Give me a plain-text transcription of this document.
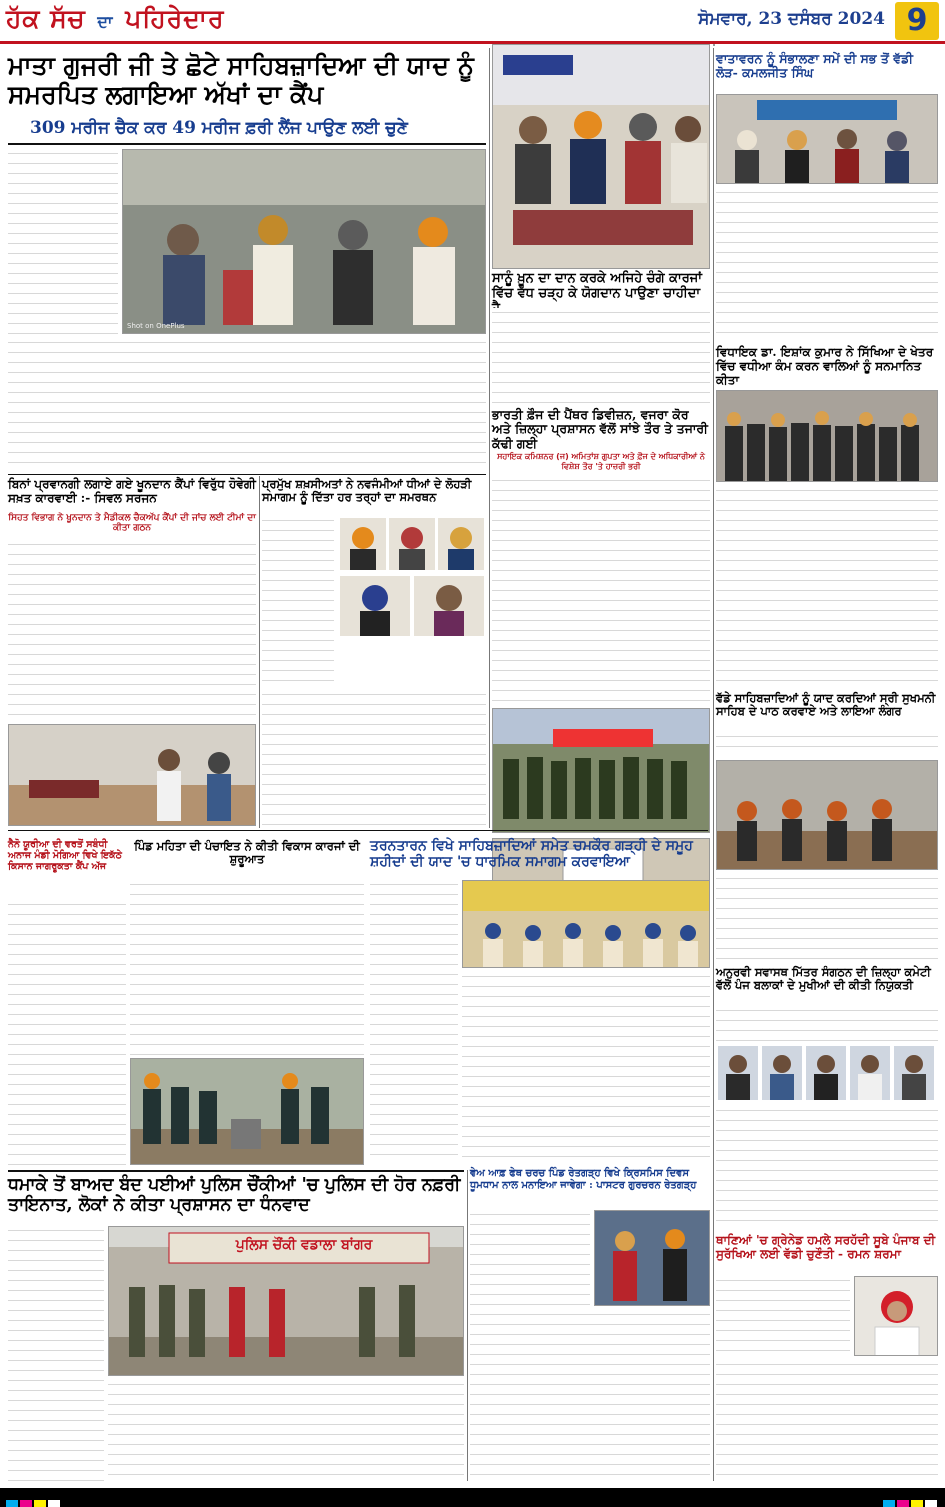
ਹੱਕ ਸੱਚ ਦਾ ਪਹਿਰੇਦਾਰ	ਸੋਮਵਾਰ, 23 ਦਸੰਬਰ 2024 9
ਮਾਤਾ ਗੁਜਰੀ ਜੀ ਤੇ ਛੋਟੇ ਸਾਹਿਬਜ਼ਾਦਿਆ ਦੀ ਯਾਦ ਨੂੰ ਸਮਰਪਿਤ ਲਗਾਇਆ ਅੱਖਾਂ ਦਾ ਕੈਂਪ
309 ਮਰੀਜ ਚੈਕ ਕਰ 49 ਮਰੀਜ ਫ਼ਰੀ ਲੈਂਜ ਪਾਉਣ ਲਈ ਚੁਣੇ
Shot on OnePlus
ਸਾਨੂੰ ਖ਼ੂਨ ਦਾ ਦਾਨ ਕਰਕੇ ਅਜਿਹੇ ਚੰਗੇ ਕਾਰਜਾਂ ਵਿੱਚ ਵੱਧ ਚੜ੍ਹ ਕੇ ਯੋਗਦਾਨ ਪਾਉਣਾ ਚਾਹੀਦਾ
ਵਾਤਾਵਰਨ ਨੂੰ ਸੰਭਾਲਣਾ ਸਮੇਂ ਦੀ ਸਭ ਤੋਂ ਵੱਡੀ ਲੋੜ- ਕਮਲਜੀਤ ਸਿੰਘ
ਭਾਰਤੀ ਫ਼ੌਜ ਦੀ ਪੈਂਥਰ ਡਿਵੀਜ਼ਨ, ਵਜਰਾ ਕੋਰ ਅਤੇ ਜ਼ਿਲ੍ਹਾ ਪ੍ਰਸ਼ਾਸਨ ਵੱਲੋਂ ਸਾਂਝੇ ਤੌਰ ਤੇ ਤਜਾਰੀ ਕੱਢੀ ਗਈ
ਸਹਾਇਕ ਕਮਿਸ਼ਨਰ (ਜ) ਅਮਿਤਾਂਸ਼ ਗੁਪਤਾ ਅਤੇ ਫ਼ੌਜ ਦੇ ਅਧਿਕਾਰੀਆਂ ਨੇ ਵਿਸ਼ੇਸ਼ ਤੌਰ 'ਤੇ ਹਾਜ਼ਰੀ ਭਰੀ
ਵਿਧਾਇਕ ਡਾ. ਇਸ਼ਾਂਕ ਕੁਮਾਰ ਨੇ ਸਿੱਖਿਆ ਦੇ ਖੇਤਰ ਵਿੱਚ ਵਧੀਆ ਕੰਮ ਕਰਨ ਵਾਲਿਆਂ ਨੂੰ ਸਨਮਾਨਿਤ ਕੀਤਾ
ਬਿਨਾਂ ਪ੍ਰਵਾਨਗੀ ਲਗਾਏ ਗਏ ਖੂਨਦਾਨ ਕੈਂਪਾਂ ਵਿਰੁੱਧ ਹੋਵੇਗੀ ਸਖ਼ਤ ਕਾਰਵਾਈ :- ਸਿਵਲ ਸਰਜਨ
ਸਿਹਤ ਵਿਭਾਗ ਨੇ ਖੂਨਦਾਨ ਤੇ ਮੈਡੀਕਲ ਚੈਕਅੱਪ ਕੈਂਪਾਂ ਦੀ ਜਾਂਚ ਲਈ ਟੀਮਾਂ ਦਾ ਕੀਤਾ ਗਠਨ
ਪ੍ਰਮੁੱਖ ਸ਼ਖ਼ਸੀਅਤਾਂ ਨੇ ਨਵਜੰਮੀਆਂ ਧੀਆਂ ਦੇ ਲੋਹੜੀ ਸਮਾਗਮ ਨੂੰ ਦਿੱਤਾ ਹਰ ਤਰ੍ਹਾਂ ਦਾ ਸਮਰਥਨ
ਵੱਡੇ ਸਾਹਿਬਜ਼ਾਦਿਆਂ ਨੂੰ ਯਾਦ ਕਰਦਿਆਂ ਸ੍ਰੀ ਸੁਖਮਨੀ ਸਾਹਿਬ ਦੇ ਪਾਠ ਕਰਵਾਏ ਅਤੇ ਲਾਇਆ ਲੰਗਰ
ਨੈਨੋ ਯੂਰੀਆ ਦੀ ਵਰਤੋਂ ਸਬੰਧੀ ਅਨਾਜ ਮੰਡੀ ਮੋਗਿਆ ਵਿਖੇ ਇਕੱਠੇ ਕਿਸਾਨ ਜਾਗਰੂਕਤਾ ਕੈਂਪ ਅੱਜ
ਪਿੰਡ ਮਹਿਤਾ ਦੀ ਪੰਚਾਇਤ ਨੇ ਕੀਤੀ ਵਿਕਾਸ ਕਾਰਜਾਂ ਦੀ ਸ਼ੁਰੂਆਤ
ਤਰਨਤਾਰਨ ਵਿਖੇ ਸਾਹਿਬਜ਼ਾਦਿਆਂ ਸਮੇਤ ਚਮਕੌਰ ਗੜ੍ਹੀ ਦੇ ਸਮੂਹ ਸ਼ਹੀਦਾਂ ਦੀ ਯਾਦ 'ਚ ਧਾਰਮਿਕ ਸਮਾਗਮ ਕਰਵਾਇਆ
ਅਨੁਰਵੀ ਸਵਾਸਥ ਮਿੱਤਰ ਸੰਗਠਨ ਦੀ ਜ਼ਿਲ੍ਹਾ ਕਮੇਟੀ ਵੱਲੋਂ ਪੰਜ ਬਲਾਕਾਂ ਦੇ ਮੁਖੀਆਂ ਦੀ ਕੀਤੀ ਨਿਯੁਕਤੀ
ਧਮਾਕੇ ਤੋਂ ਬਾਅਦ ਬੰਦ ਪਈਆਂ ਪੁਲਿਸ ਚੌਂਕੀਆਂ 'ਚ ਪੁਲਿਸ ਦੀ ਹੋਰ ਨਫ਼ਰੀ ਤਾਇਨਾਤ, ਲੋਕਾਂ ਨੇ ਕੀਤਾ ਪ੍ਰਸ਼ਾਸਨ ਦਾ ਧੰਨਵਾਦ
ਪੁਲਿਸ ਚੌਂਕੀ ਵਡਾਲਾ ਬਾਂਗਰ
ਵੇਅ ਆਫ਼ ਫੇਥ ਚਰਚ ਪਿੰਡ ਰੇਤਗੜ੍ਹ ਵਿਖੇ ਕ੍ਰਿਸਮਿਸ ਦਿਵਸ ਧੂਮਧਾਮ ਨਾਲ ਮਨਾਇਆ ਜਾਵੇਗਾ : ਪਾਸਟਰ ਗੁਰਚਰਨ ਰੇਤਗੜ੍ਹ
ਥਾਣਿਆਂ 'ਚ ਗ੍ਰੇਨੇਡ ਹਮਲੇ ਸਰਹੱਦੀ ਸੂਬੇ ਪੰਜਾਬ ਦੀ ਸੁਰੱਖਿਆ ਲਈ ਵੱਡੀ ਚੁਣੌਤੀ - ਰਮਨ ਸ਼ਰਮਾ
